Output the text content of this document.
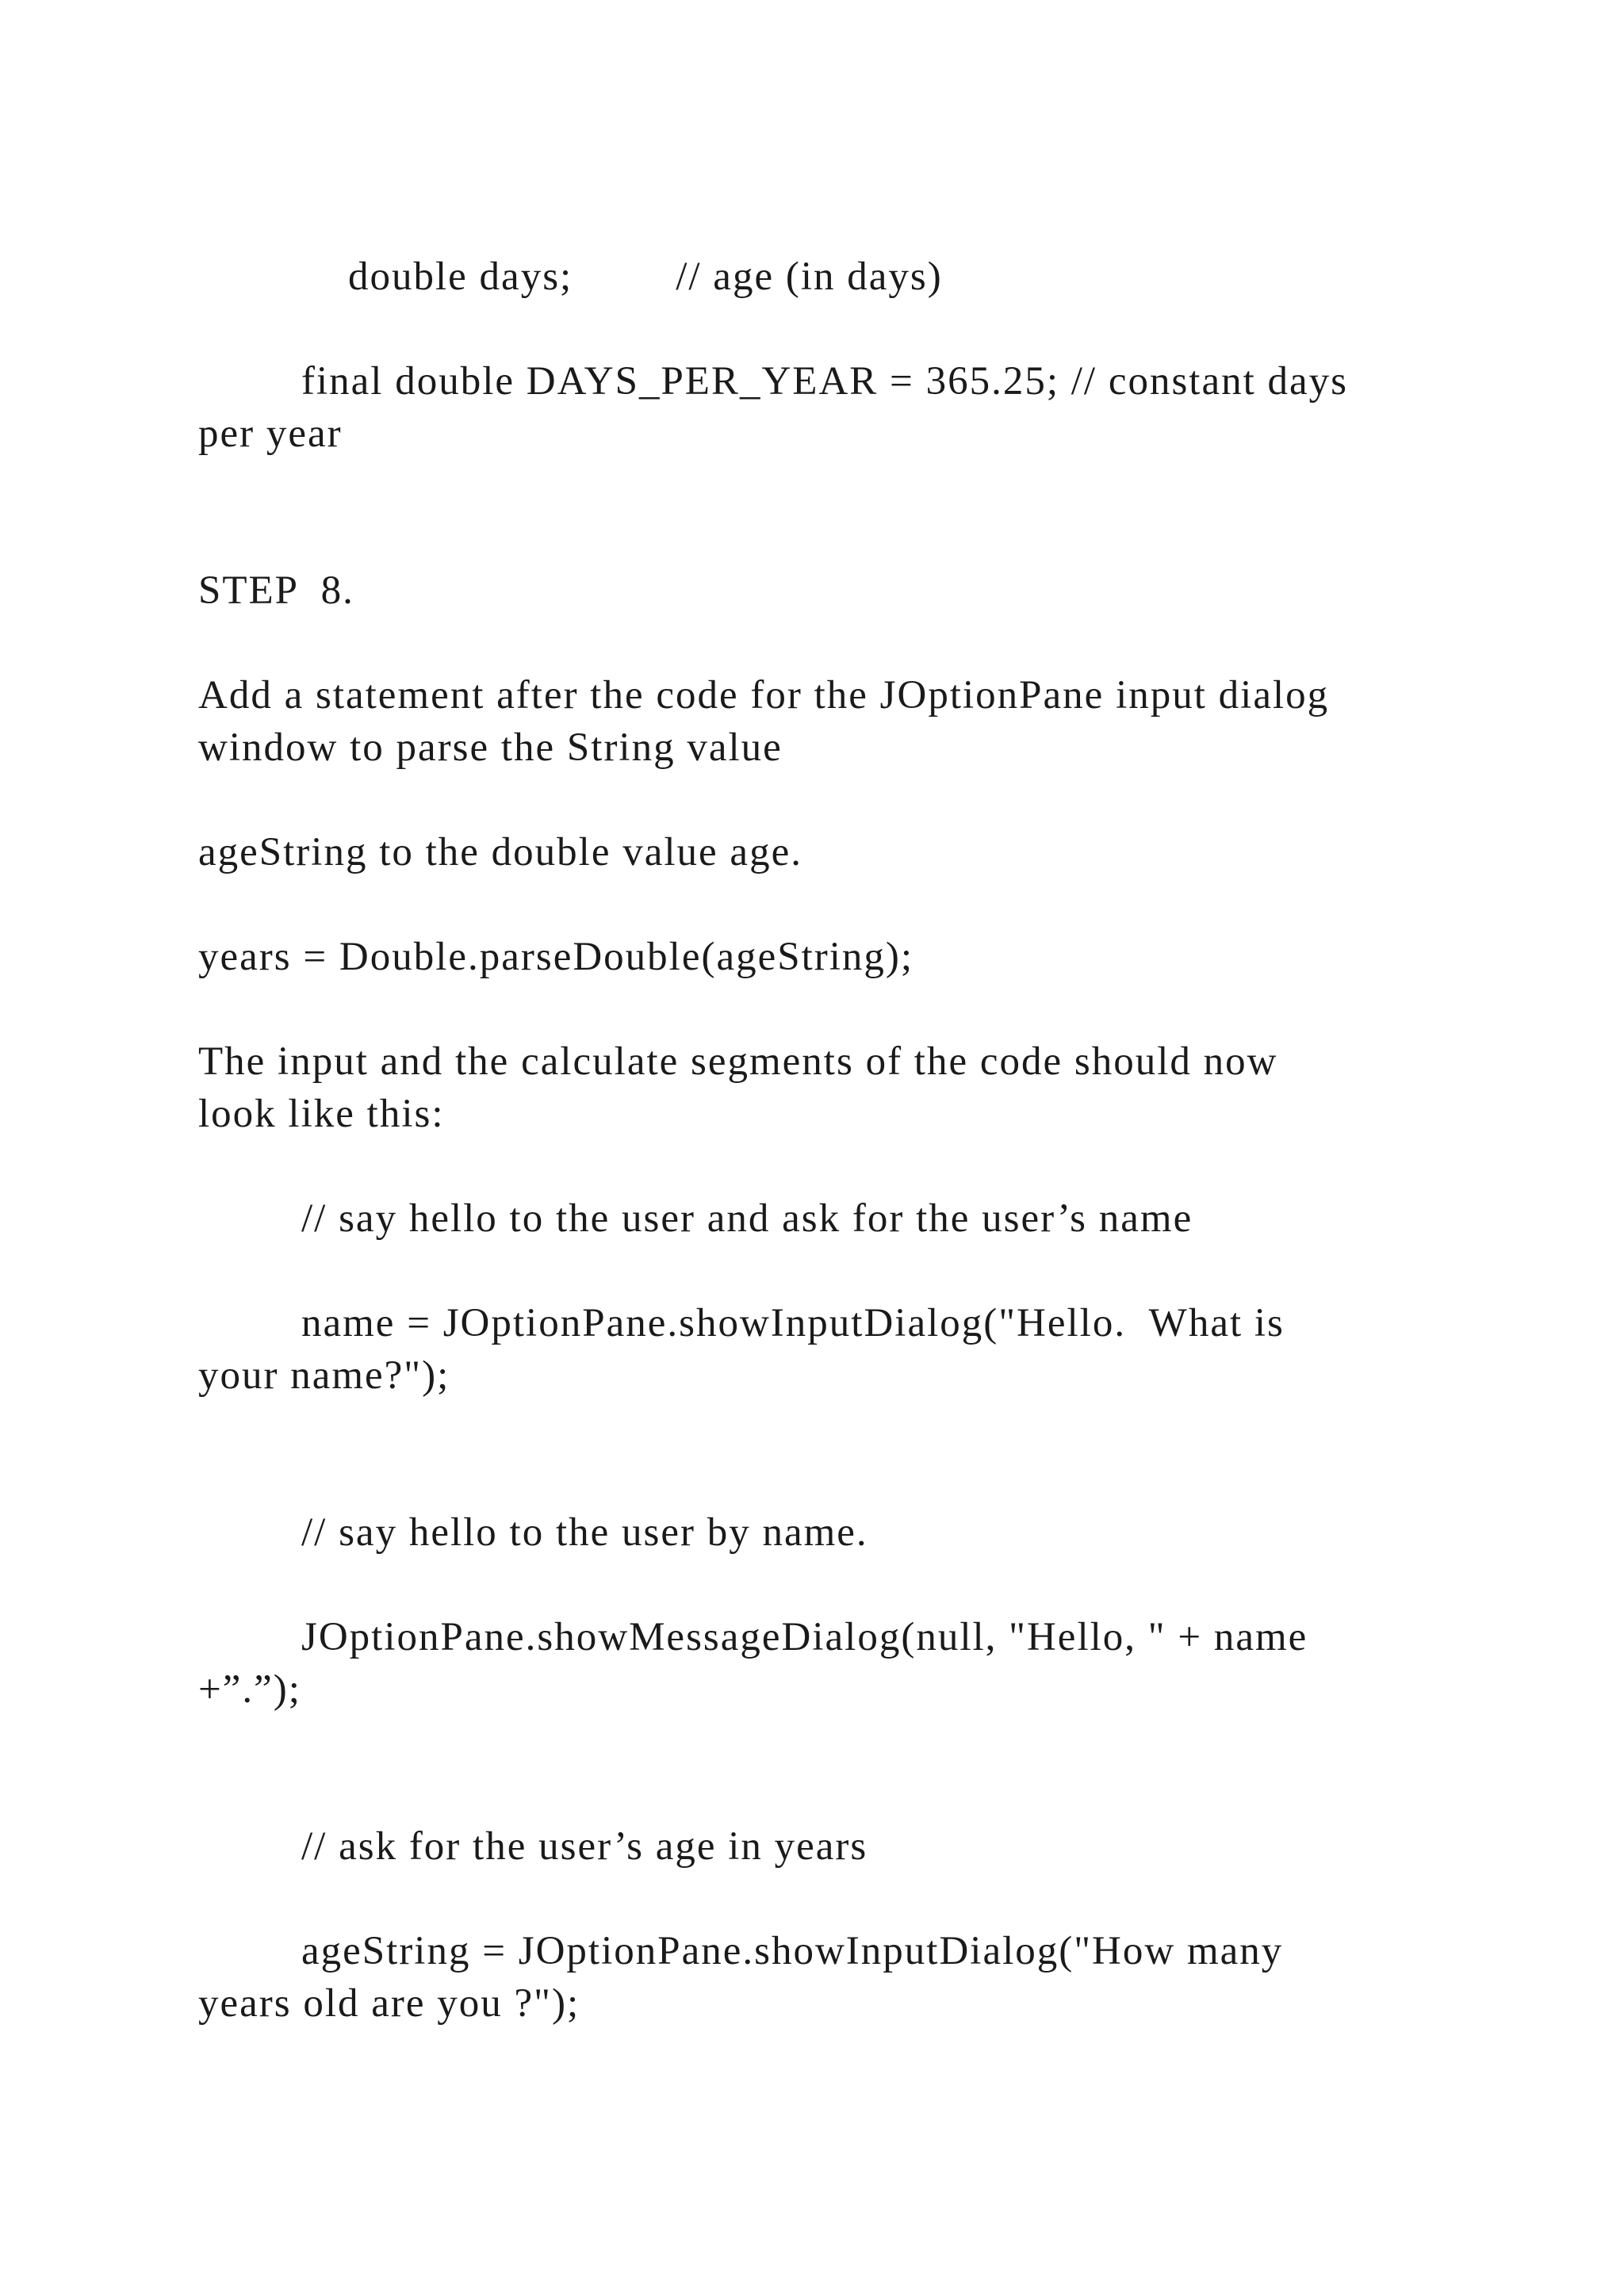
double days;	// age (in days)

final double DAYS_PER_YEAR = 365.25; // constant days
per year
STEP  8.
Add a statement after the code for the JOptionPane input dialog
window to parse the String value
ageString to the double value age.
years = Double.parseDouble(ageString);
The input and the calculate segments of the code should now
look like this:
// say hello to the user and ask for the user’s name
name = JOptionPane.showInputDialog("Hello.  What is
your name?");
// say hello to the user by name.
JOptionPane.showMessageDialog(null, "Hello, " + name
+”.”);
// ask for the user’s age in years
ageString = JOptionPane.showInputDialog("How many
years old are you ?");
